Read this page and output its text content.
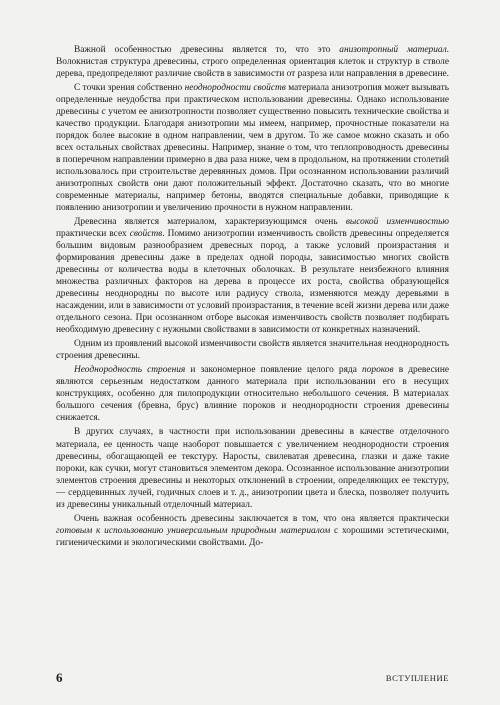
Важной особенностью древесины является то, что это анизотропный материал. Волокнистая структура древесины, строго определенная ориентация клеток и структур в стволе дерева, предопределяют различие свойств в зависимости от разреза или направления в древесине.

С точки зрения собственно неоднородности свойств материала анизотропия может вызывать определенные неудобства при практическом использовании древесины. Однако использование древесины с учетом ее анизотропности позволяет существенно повысить технические свойства и качество продукции. Благодаря анизотропии мы имеем, например, прочностные показатели на порядок более высокие в одном направлении, чем в другом. То же самое можно сказать и обо всех остальных свойствах древесины. Например, знание о том, что теплопроводность древесины в поперечном направлении примерно в два раза ниже, чем в продольном, на протяжении столетий использовалось при строительстве деревянных домов. При осознанном использовании различий анизотропных свойств они дают положительный эффект. Достаточно сказать, что во многие современные материалы, например бетоны, вводятся специальные добавки, приводящие к появлению анизотропии и увеличению прочности в нужном направлении.

Древесина является материалом, характеризующимся очень высокой изменчивостью практически всех свойств. Помимо анизотропии изменчивость свойств древесины определяется большим видовым разнообразием древесных пород, а также условий произрастания и формирования древесины даже в пределах одной породы, зависимостью многих свойств древесины от количества воды в клеточных оболочках. В результате неизбежного влияния множества различных факторов на дерева в процессе их роста, свойства образующейся древесины неоднородны по высоте или радиусу ствола, изменяются между деревьями в насаждении, или в зависимости от условий произрастания, в течение всей жизни дерева или даже отдельного сезона. При осознанном отборе высокая изменчивость свойств позволяет подбирать необходимую древесину с нужными свойствами в зависимости от конкретных назначений.

Одним из проявлений высокой изменчивости свойств является значительная неоднородность строения древесины.

Неоднородность строения и закономерное появление целого ряда пороков в древесине являются серьезным недостатком данного материала при использовании его в несущих конструкциях, особенно для пилопродукции относительно небольшого сечения. В материалах большого сечения (бревна, брус) влияние пороков и неоднородности строения древесины снижается.

В других случаях, в частности при использовании древесины в качестве отделочного материала, ее ценность чаще наоборот повышается с увеличением неоднородности строения древесины, обогащающей ее текстуру. Наросты, свилеватая древесина, глазки и даже такие пороки, как сучки, могут становиться элементом декора. Осознанное использование анизотропии элементов строения древесины и некоторых отклонений в строении, определяющих ее текстуру, — сердцевинных лучей, годичных слоев и т. д., анизотропии цвета и блеска, позволяет получить из древесины уникальный отделочный материал.

Очень важная особенность древесины заключается в том, что она является практически готовым к использованию универсальным природным материалом с хорошими эстетическими, гигиеническими и экологическими свойствами. До-

6	ВСТУПЛЕНИЕ
